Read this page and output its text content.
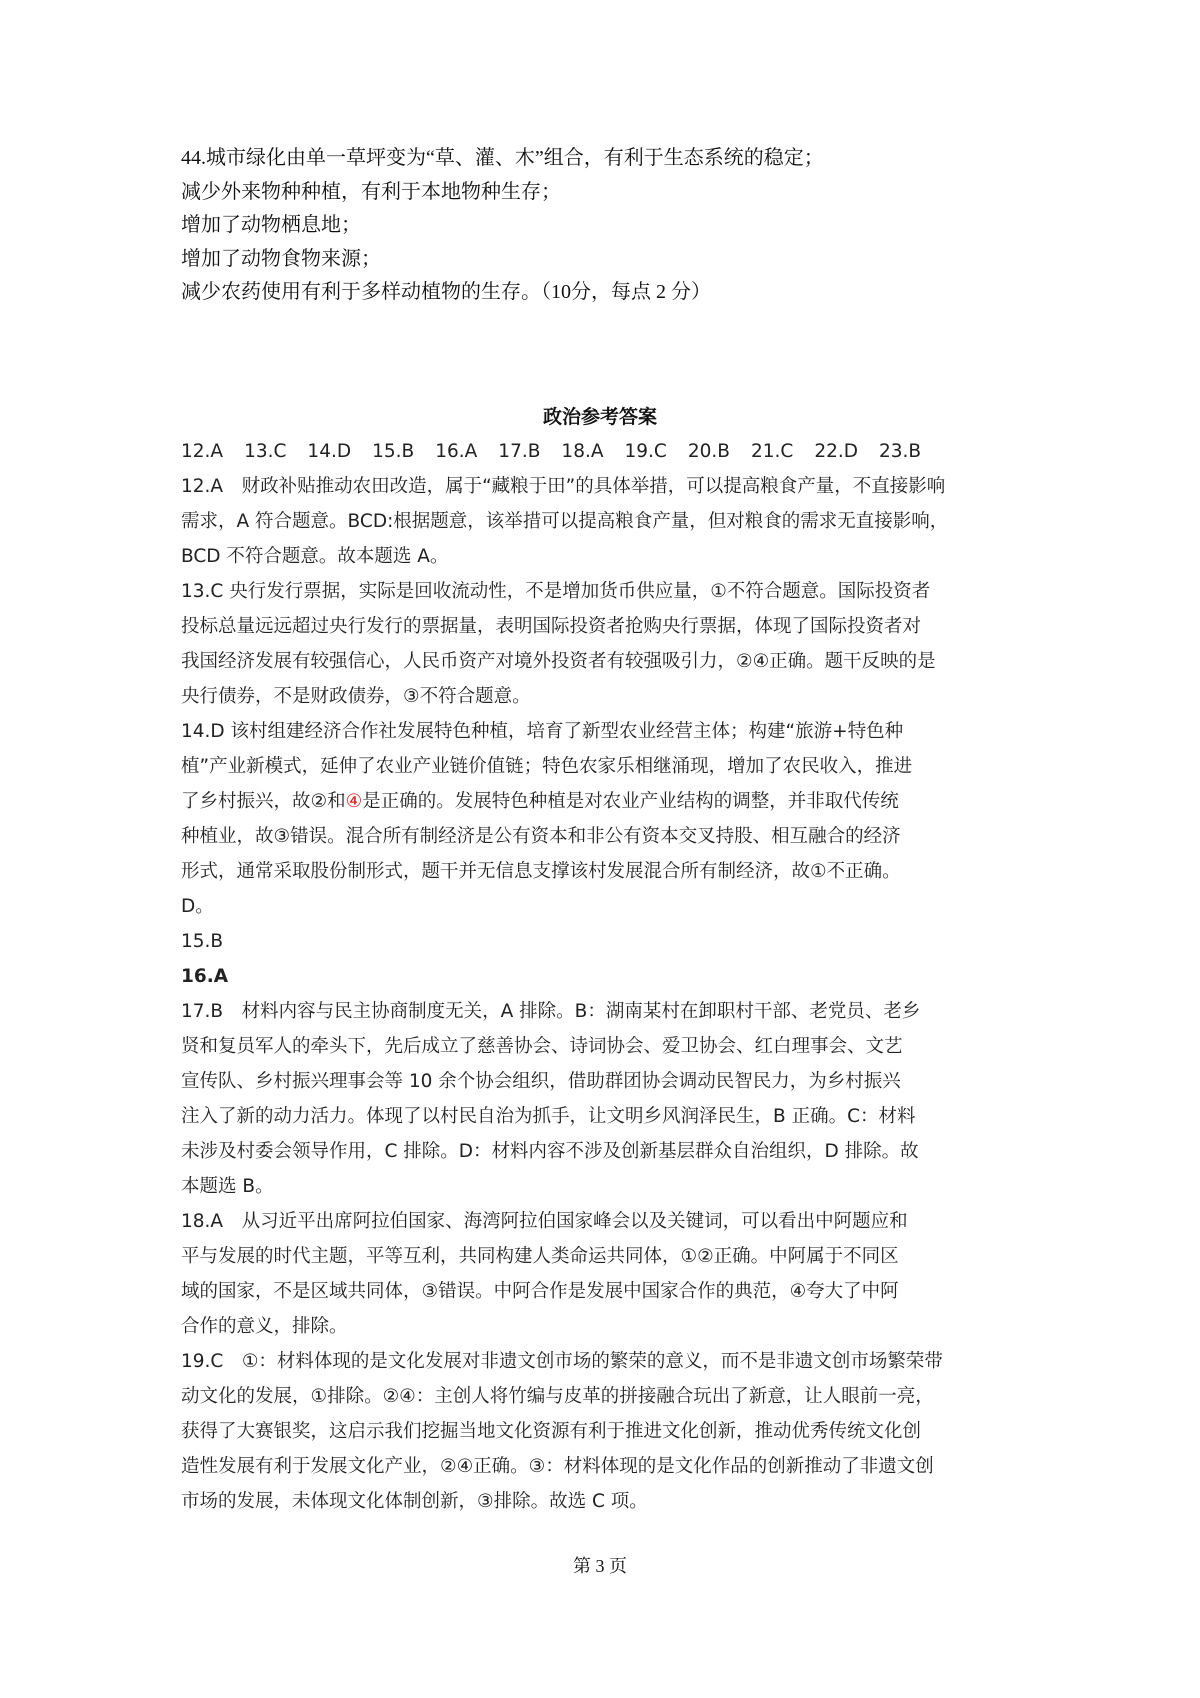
44.城市绿化由单一草坪变为“草、灌、木”组合，有利于生态系统的稳定；

减少外来物种种植，有利于本地物种生存；

增加了动物栖息地；

增加了动物食物来源；

减少农药使用有利于多样动植物的生存。（10分，每点 2 分）

政治参考答案

12.A 13.C 14.D 15.B 16.A 17.B 18.A 19.C 20.B 21.C 22.D 23.B

12.A　财政补贴推动农田改造，属于“藏粮于田”的具体举措，可以提高粮食产量，不直接影响

需求，A 符合题意。BCD:根据题意，该举措可以提高粮食产量，但对粮食的需求无直接影响，

BCD 不符合题意。故本题选 A。

13.C 央行发行票据，实际是回收流动性，不是增加货币供应量，①不符合题意。国际投资者

投标总量远远超过央行发行的票据量，表明国际投资者抢购央行票据，体现了国际投资者对

我国经济发展有较强信心，人民币资产对境外投资者有较强吸引力，②④正确。题干反映的是

央行债券，不是财政债券，③不符合题意。

14.D 该村组建经济合作社发展特色种植，培育了新型农业经营主体；构建“旅游+特色种

植”产业新模式，延伸了农业产业链价值链；特色农家乐相继涌现，增加了农民收入，推进

了乡村振兴，故②和④是正确的。发展特色种植是对农业产业结构的调整，并非取代传统

种植业，故③错误。混合所有制经济是公有资本和非公有资本交叉持股、相互融合的经济

形式，通常采取股份制形式，题干并无信息支撑该村发展混合所有制经济，故①不正确。

D。

15.B

16.A

17.B　材料内容与民主协商制度无关，A 排除。B：湖南某村在卸职村干部、老党员、老乡

贤和复员军人的牵头下，先后成立了慈善协会、诗词协会、爱卫协会、红白理事会、文艺

宣传队、乡村振兴理事会等 10 余个协会组织，借助群团协会调动民智民力，为乡村振兴

注入了新的动力活力。体现了以村民自治为抓手，让文明乡风润泽民生，B 正确。C：材料

未涉及村委会领导作用，C 排除。D：材料内容不涉及创新基层群众自治组织，D 排除。故

本题选 B。

18.A　从习近平出席阿拉伯国家、海湾阿拉伯国家峰会以及关键词，可以看出中阿题应和

平与发展的时代主题，平等互利，共同构建人类命运共同体，①②正确。中阿属于不同区

域的国家，不是区域共同体，③错误。中阿合作是发展中国家合作的典范，④夸大了中阿

合作的意义，排除。

19.C　①：材料体现的是文化发展对非遗文创市场的繁荣的意义，而不是非遗文创市场繁荣带

动文化的发展，①排除。②④：主创人将竹编与皮革的拼接融合玩出了新意，让人眼前一亮，

获得了大赛银奖，这启示我们挖掘当地文化资源有利于推进文化创新，推动优秀传统文化创

造性发展有利于发展文化产业，②④正确。③：材料体现的是文化作品的创新推动了非遗文创

市场的发展，未体现文化体制创新，③排除。故选 C 项。

第 3 页
